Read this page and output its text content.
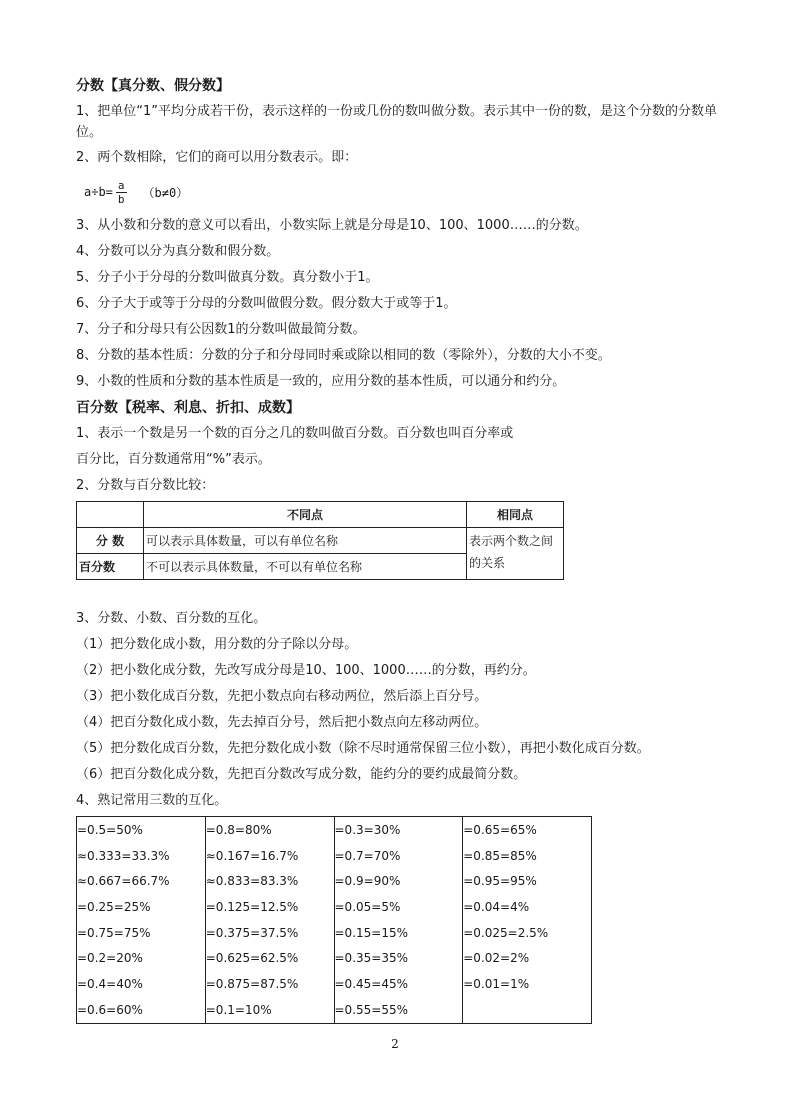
分数【真分数、假分数】

1、把单位“1”平均分成若干份，表示这样的一份或几份的数叫做分数。表示其中一份的数，是这个分数的分数单位。

2、两个数相除，它们的商可以用分数表示。即：

$a\div b= \frac{a}{b} (b\ne 0)$

3、从小数和分数的意义可以看出，小数实际上就是分母是10、100、1000……的分数。

4、分数可以分为真分数和假分数。

5、分子小于分母的分数叫做真分数。真分数小于1。

6、分子大于或等于分母的分数叫做假分数。假分数大于或等于1。

7、分子和分母只有公因数1的分数叫做最简分数。

8、分数的基本性质：分数的分子和分母同时乘或除以相同的数（零除外），分数的大小不变。

9、小数的性质和分数的基本性质是一致的，应用分数的基本性质，可以通分和约分。

百分数【税率、利息、折扣、成数】

1、表示一个数是另一个数的百分之几的数叫做百分数。百分数也叫百分率或

百分比，百分数通常用“%”表示。

2、分数与百分数比较：

	不同点	相同点
分 数	可以表示具体数量，可以有单位名称	表示两个数之间的关系
百分数	不可以表示具体数量，不可以有单位名称	

3、分数、小数、百分数的互化。

（1）把分数化成小数，用分数的分子除以分母。

（2）把小数化成分数，先改写成分母是10、100、1000……的分数，再约分。

（3）把小数化成百分数，先把小数点向右移动两位，然后添上百分号。

（4）把百分数化成小数，先去掉百分号，然后把小数点向左移动两位。

（5）把分数化成百分数，先把分数化成小数（除不尽时通常保留三位小数），再把小数化成百分数。

（6）把百分数化成分数，先把百分数改写成分数，能约分的要约成最简分数。

4、熟记常用三数的互化。

=0.5=50%	=0.8=80%	=0.3=30%	=0.65=65%
≈0.333=33.3%	≈0.167=16.7%	=0.7=70%	=0.85=85%
≈0.667=66.7%	≈0.833=83.3%	=0.9=90%	=0.95=95%
=0.25=25%	=0.125=12.5%	=0.05=5%	=0.04=4%
=0.75=75%	=0.375=37.5%	=0.15=15%	=0.025=2.5%
=0.2=20%	=0.625=62.5%	=0.35=35%	=0.02=2%
=0.4=40%	=0.875=87.5%	=0.45=45%	=0.01=1%
=0.6=60%	=0.1=10%	=0.55=55%	
2
